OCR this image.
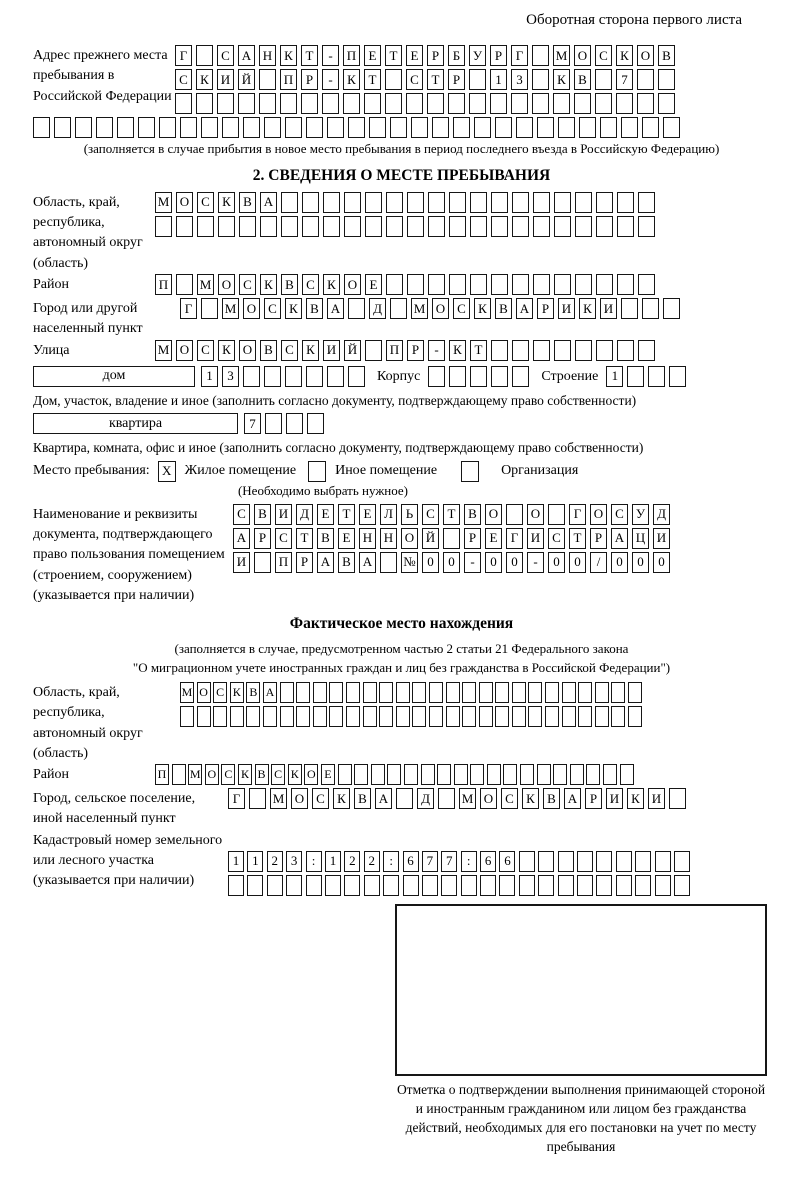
Оборотная сторона первого листа
Адрес прежнего места пребывания в Российской Федерации
Г	С А Н К Т	-	П Е	Т	Е	Р	Б У Р	Г	М О С К О В
С К И Й	П Р	-	К Т	С Т	Р	1	3	К В	7
(заполняется в случае прибытия в новое место пребывания в период последнего въезда в Российскую Федерацию)
2. СВЕДЕНИЯ О МЕСТЕ ПРЕБЫВАНИЯ
Область, край, республика, автономный округ (область)
М О С К В А
Район	П М О С К В С К О Е
Город или другой населенный пункт
Г	М О С К В А	Д	М О С К В А Р И К И
Улица	М О С К О В С К И Й	П Р	-	К Т
дом	1	3	Корпус	Строение	1
Дом, участок, владение и иное (заполнить согласно документу, подтверждающему право собственности)
квартира	7
Квартира, комната, офис и иное (заполнить согласно документу, подтверждающему право собственности)
Место пребывания: X Жилое помещение	Иное помещение	Организация
(Необходимо выбрать нужное)
Наименование и реквизиты документа, подтверждающего право пользования помещением (строением, сооружением) (указывается при наличии)
С В И Д Е	Т	Е Л Ь С Т В О	О	Г О С У Д
А Р	С Т В Е Н Н О Й	Р	Е	Г И С Т	Р А Ц И
И	П Р А В А № 0	0	-	0	0	-	0	0	/	0	0	0
Фактическое место нахождения
(заполняется в случае, предусмотренном частью 2 статьи 21 Федерального закона
"О миграционном учете иностранных граждан и лиц без гражданства в Российской Федерации")
Область, край, республика, автономный округ (область)
М О С К В А
Район	П М О С К В С К О Е
Город, сельское поселение, иной населенный пункт
Г	М О С К В А	Д	М О С К В А Р И К И
Кадастровый номер земельного или лесного участка (указывается при наличии)
1 1 2 3	:	1 2 2	:	6 7 7	:	6 6
Отметка о подтверждении выполнения принимающей стороной и иностранным гражданином или лицом без гражданства действий, необходимых для его постановки на учет по месту пребывания
